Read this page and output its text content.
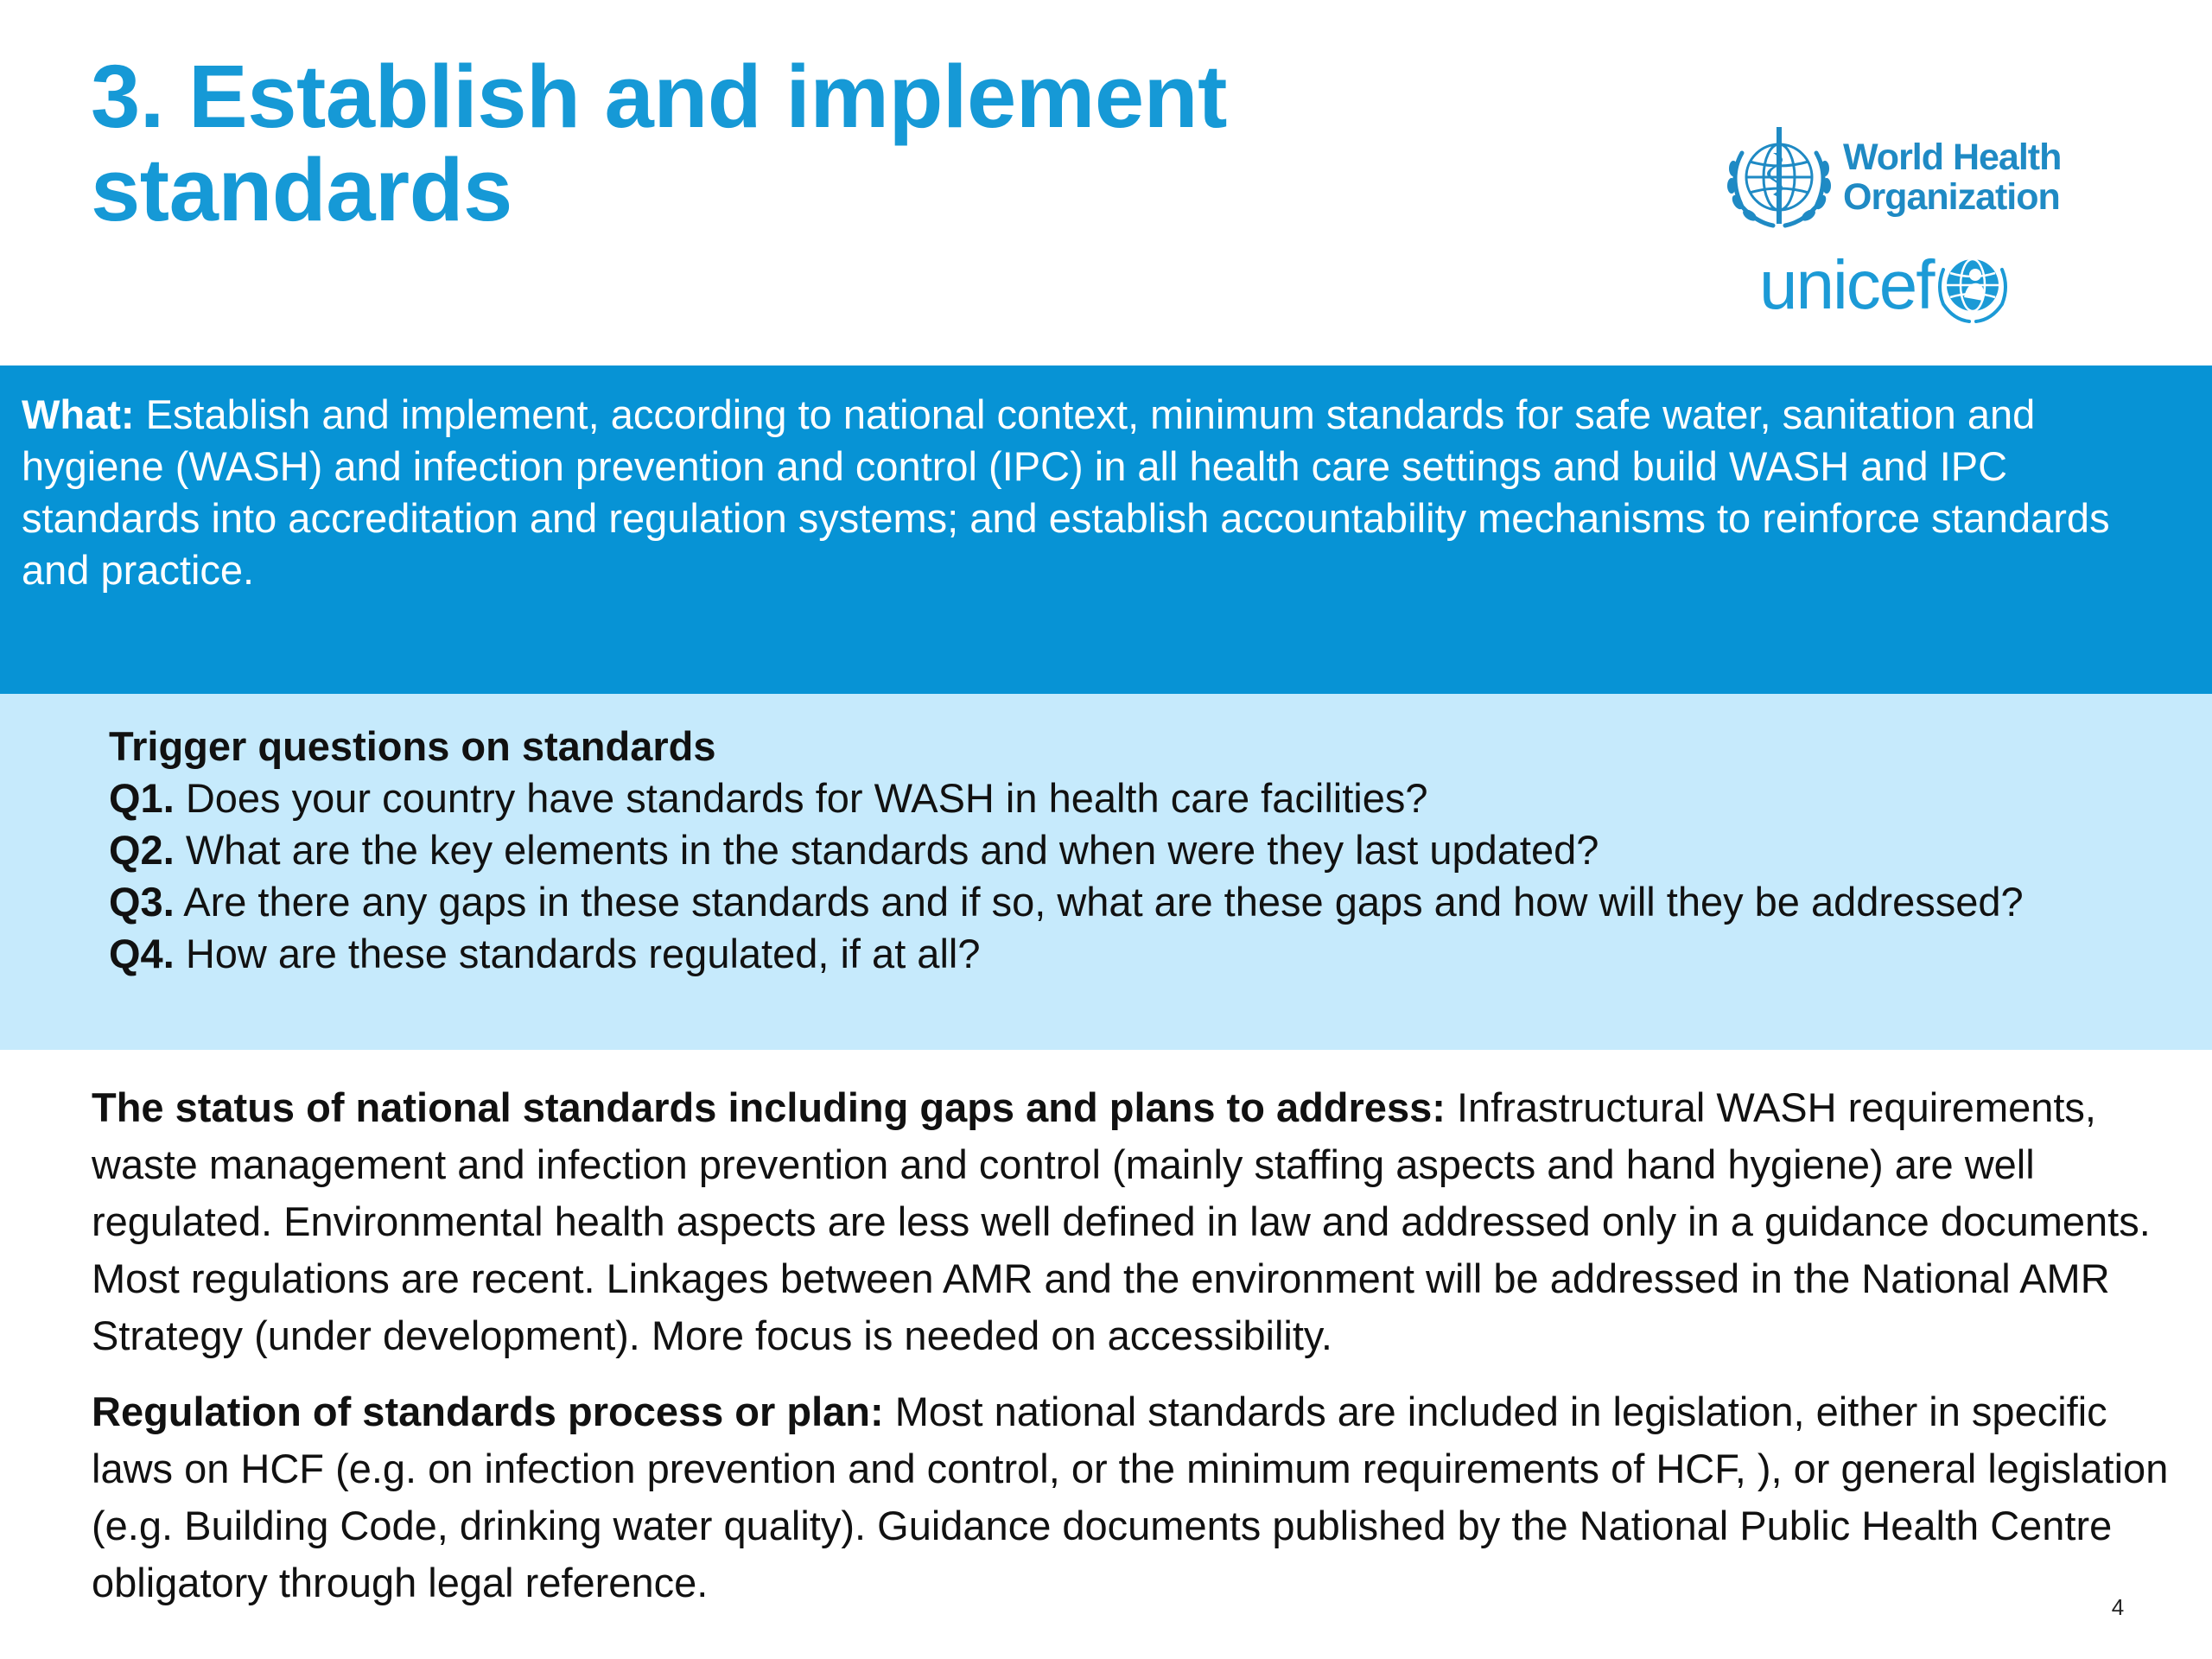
3. Establish and implement
standards	World Health
Organization
unicef

What: Establish and implement, according to national context, minimum standards for safe water, sanitation and hygiene (WASH) and infection prevention and control (IPC) in all health care settings and build WASH and IPC standards into accreditation and regulation systems; and establish accountability mechanisms to reinforce standards and practice.

Trigger questions on standards
Q1. Does your country have standards for WASH in health care facilities?
Q2. What are the key elements in the standards and when were they last updated?
Q3. Are there any gaps in these standards and if so, what are these gaps and how will they be addressed?
Q4. How are these standards regulated, if at all?

The status of national standards including gaps and plans to address: Infrastructural WASH requirements, waste management and infection prevention and control (mainly staffing aspects and hand hygiene) are well regulated. Environmental health aspects are less well defined in law and addressed only in a guidance documents. Most regulations are recent. Linkages between AMR and the environment will be addressed in the National AMR Strategy (under development). More focus is needed on accessibility.

Regulation of standards process or plan: Most national standards are included in legislation, either in specific laws on HCF (e.g. on infection prevention and control, or the minimum requirements of HCF, ), or general legislation (e.g. Building Code, drinking water quality). Guidance documents published by the National Public Health Centre obligatory through legal reference.

4
